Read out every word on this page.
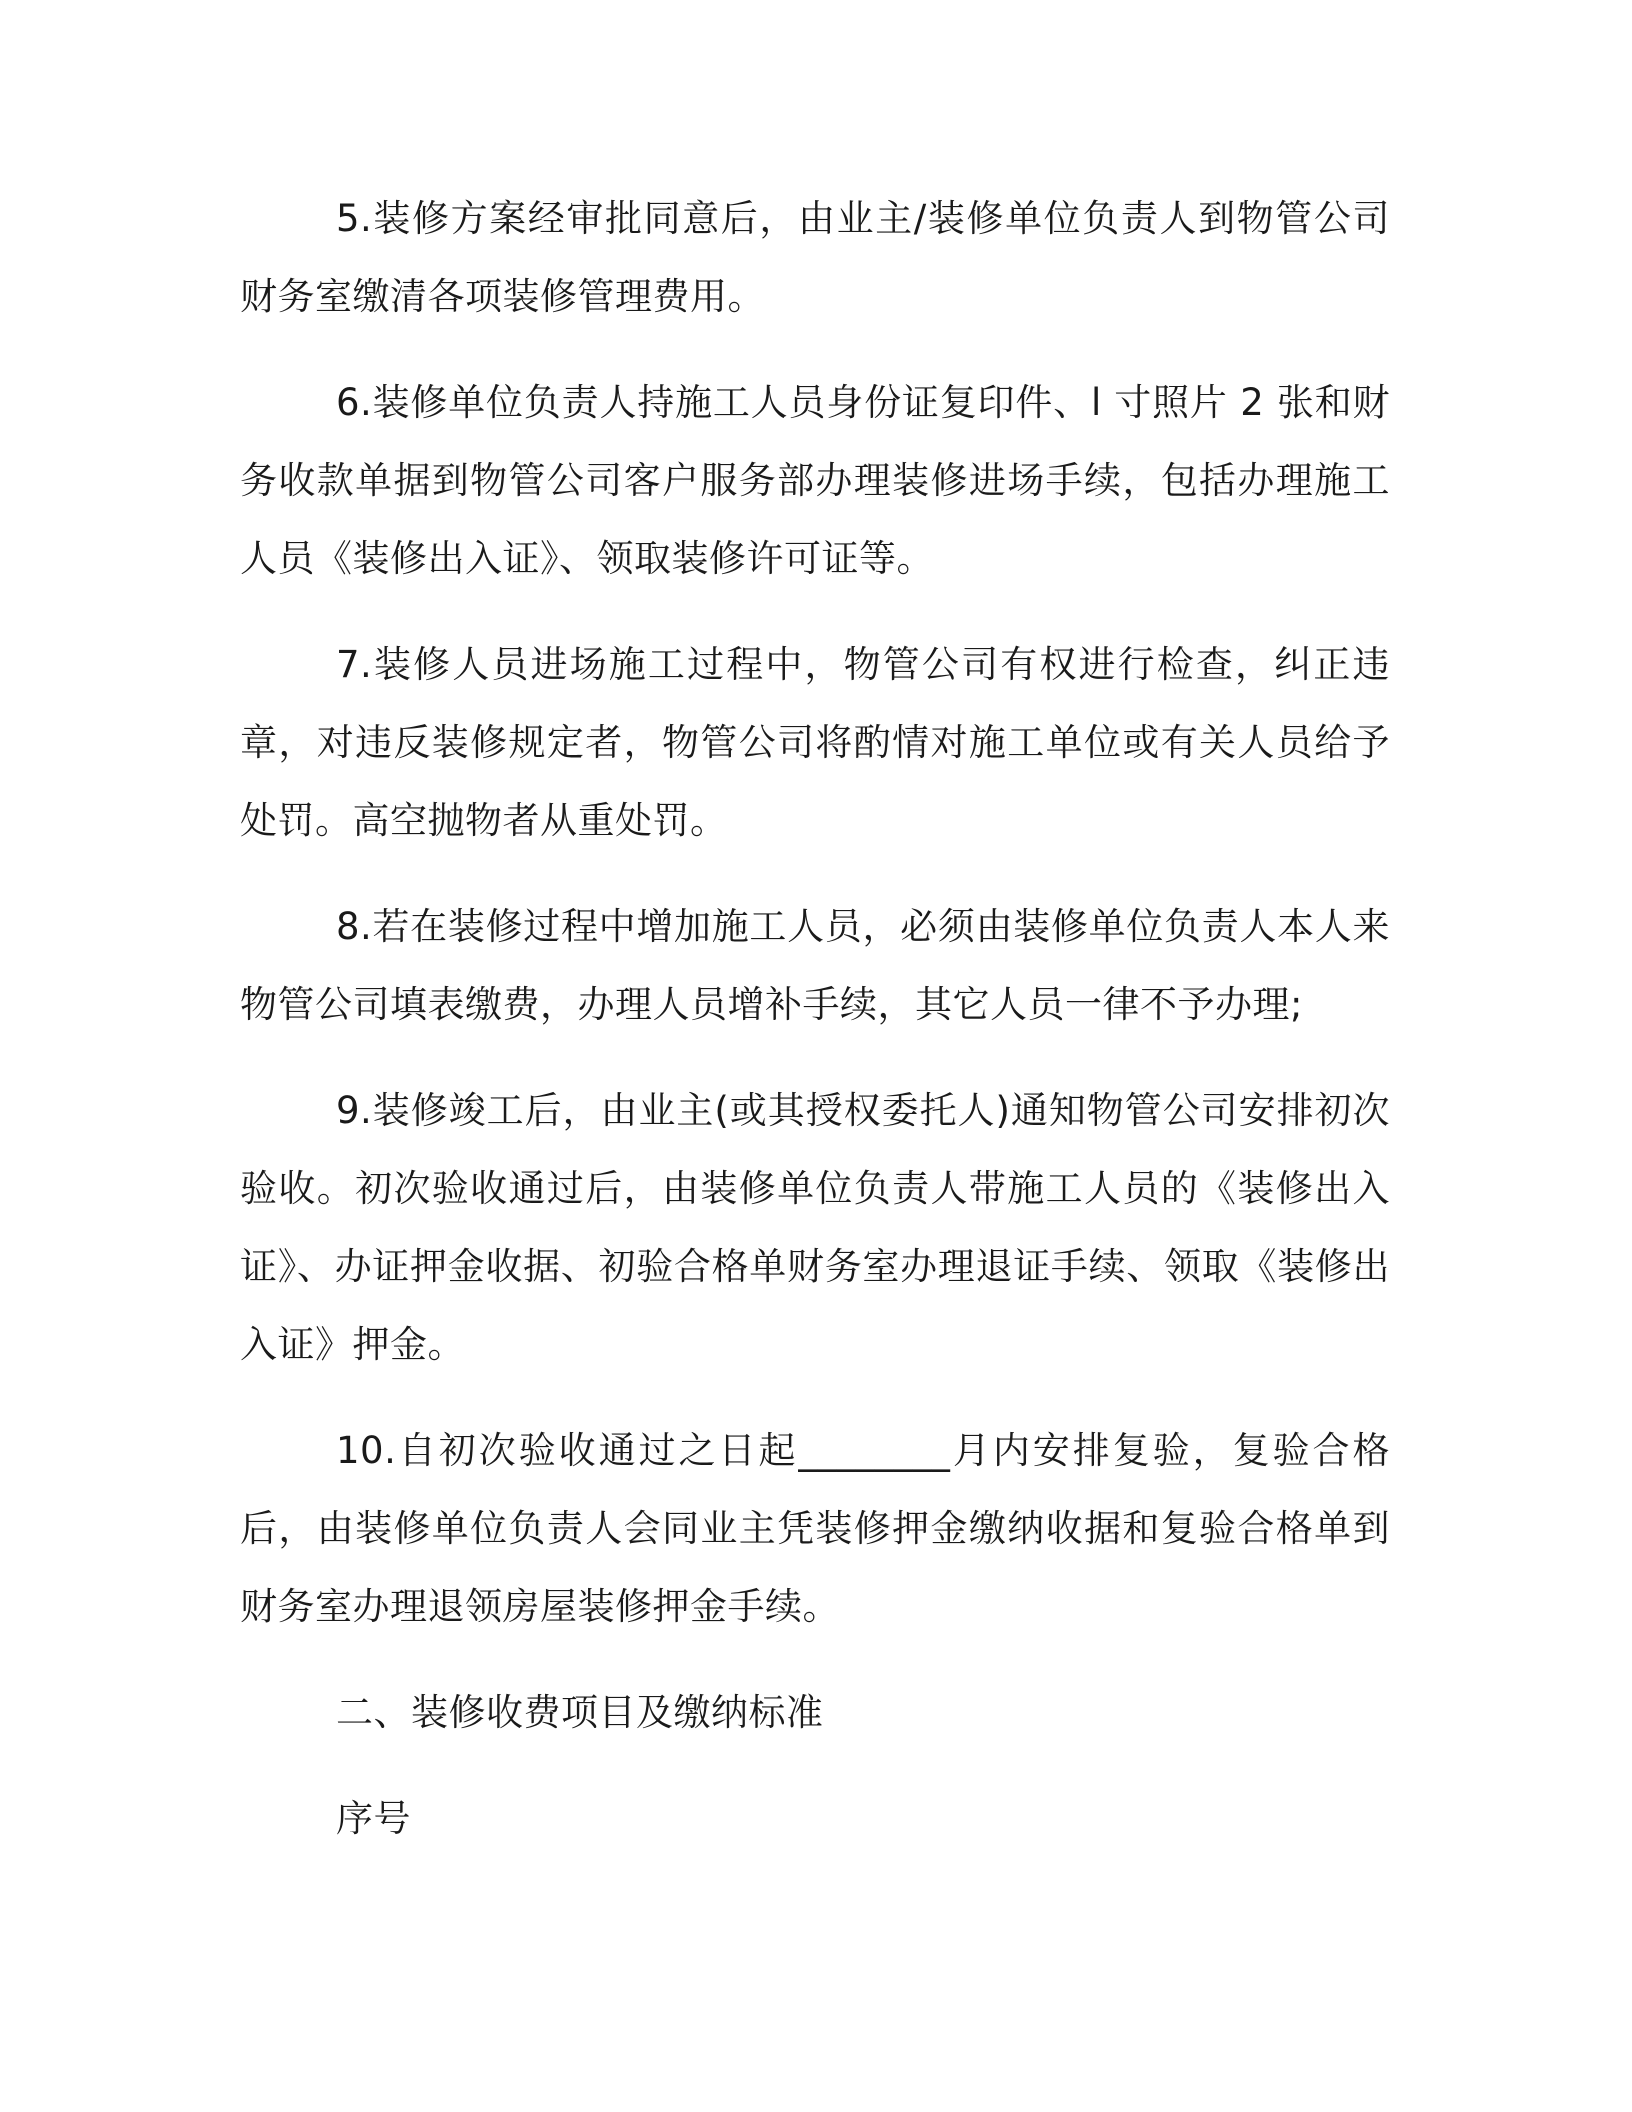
5.装修方案经审批同意后，由业主/装修单位负责人到物管公司财务室缴清各项装修管理费用。

6.装修单位负责人持施工人员身份证复印件、l 寸照片 2 张和财务收款单据到物管公司客户服务部办理装修进场手续，包括办理施工人员《装修出入证》、领取装修许可证等。

7.装修人员进场施工过程中，物管公司有权进行检查，纠正违章，对违反装修规定者，物管公司将酌情对施工单位或有关人员给予处罚。高空抛物者从重处罚。

8.若在装修过程中增加施工人员，必须由装修单位负责人本人来物管公司填表缴费，办理人员增补手续，其它人员一律不予办理;

9.装修竣工后，由业主(或其授权委托人)通知物管公司安排初次验收。初次验收通过后，由装修单位负责人带施工人员的《装修出入证》、办证押金收据、初验合格单财务室办理退证手续、领取《装修出入证》押金。

10.自初次验收通过之日起________月内安排复验，复验合格后，由装修单位负责人会同业主凭装修押金缴纳收据和复验合格单到财务室办理退领房屋装修押金手续。

二、装修收费项目及缴纳标准

序号
